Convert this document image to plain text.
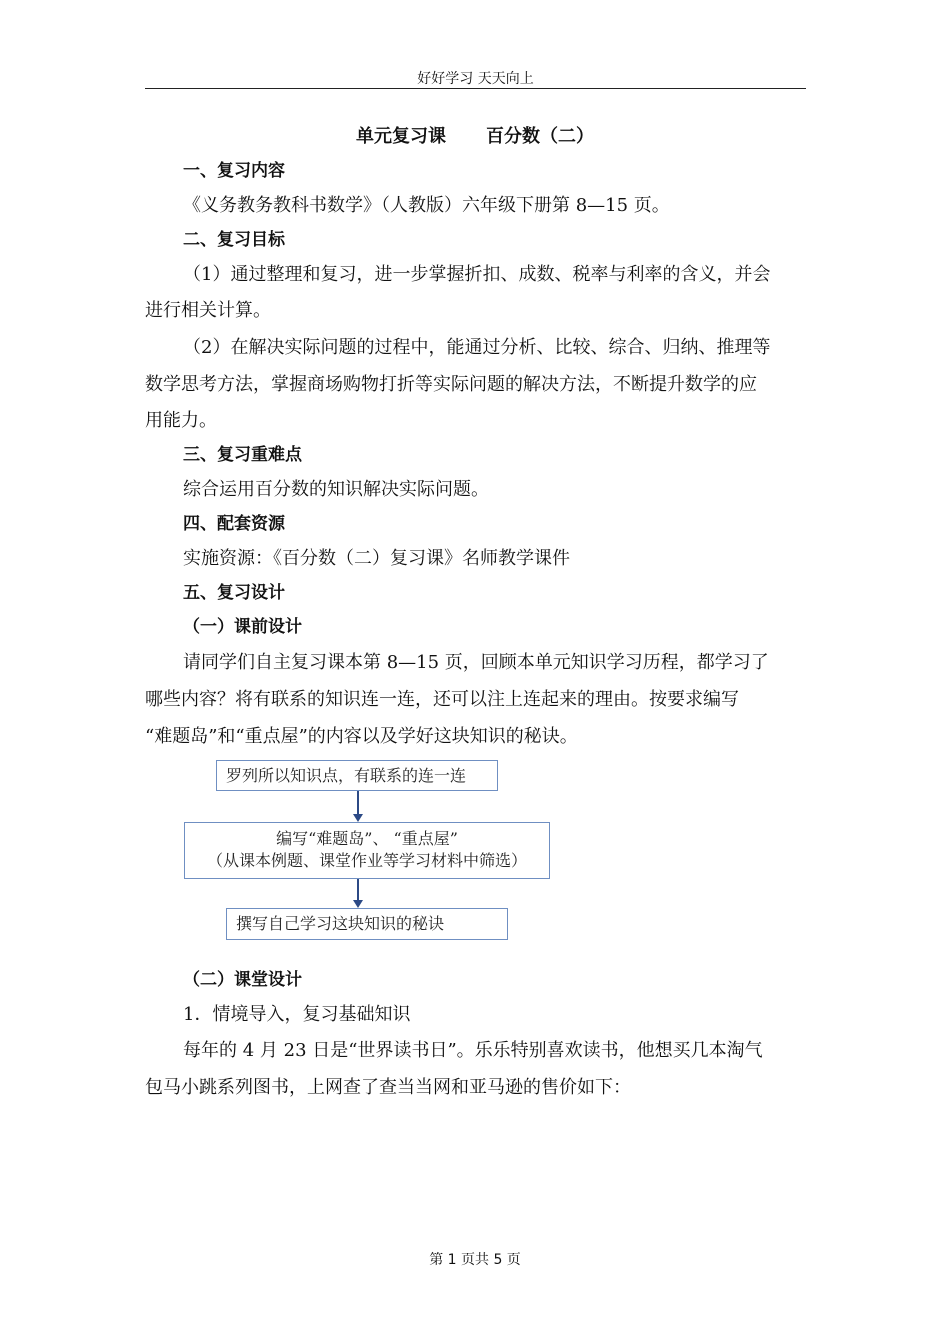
好好学习 天天向上
单元复习课 百分数（二）
一、复习内容
《义务教务教科书数学》（人教版）六年级下册第 8—15 页。
二、复习目标
（1）通过整理和复习，进一步掌握折扣、成数、税率与利率的含义，并会
进行相关计算。
（2）在解决实际问题的过程中，能通过分析、比较、综合、归纳、推理等
数学思考方法，掌握商场购物打折等实际问题的解决方法，不断提升数学的应
用能力。
三、复习重难点
综合运用百分数的知识解决实际问题。
四、配套资源
实施资源：《百分数（二）复习课》名师教学课件
五、复习设计
（一）课前设计
请同学们自主复习课本第 8—15 页，回顾本单元知识学习历程，都学习了
哪些内容？将有联系的知识连一连，还可以注上连起来的理由。按要求编写
“难题岛”和“重点屋”的内容以及学好这块知识的秘诀。
罗列所以知识点，有联系的连一连
编写“难题岛”、 “重点屋”
（从课本例题、课堂作业等学习材料中筛选）
撰写自己学习这块知识的秘诀
（二）课堂设计
1．情境导入，复习基础知识
每年的 4 月 23 日是“世界读书日”。乐乐特别喜欢读书，他想买几本淘气
包马小跳系列图书，上网查了查当当网和亚马逊的售价如下：
第 1 页共 5 页
